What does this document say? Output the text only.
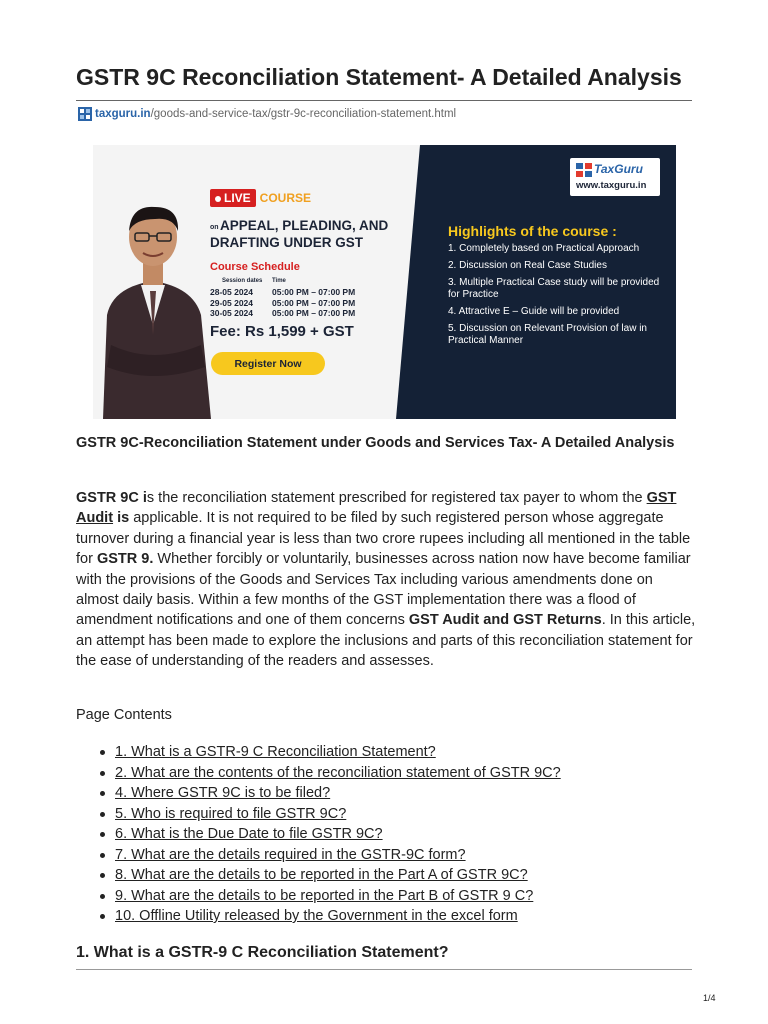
GSTR 9C Reconciliation Statement- A Detailed Analysis
taxguru.in /goods-and-service-tax/gstr-9c-reconciliation-statement.html
LIVE COURSE
on APPEAL, PLEADING, AND
DRAFTING UNDER GST
Course Schedule
Session dates Time
28-05 2024 05:00 PM – 07:00 PM
29-05 2024 05:00 PM – 07:00 PM
30-05 2024 05:00 PM – 07:00 PM
Fee: Rs 1,599 + GST
Register Now
TaxGuru
www.taxguru.in
Highlights of the course :
1. Completely based on Practical Approach
2. Discussion on Real Case Studies
3. Multiple Practical Case study will be provided for Practice
4. Attractive E – Guide will be provided
5. Discussion on Relevant Provision of law in Practical Manner

GSTR 9C-Reconciliation Statement under Goods and Services Tax- A Detailed Analysis

GSTR 9C is the reconciliation statement prescribed for registered tax payer to whom the GST Audit is applicable. It is not required to be filed by such registered person whose aggregate turnover during a financial year is less than two crore rupees including all mentioned in the table for GSTR 9. Whether forcibly or voluntarily, businesses across nation now have become familiar with the provisions of the Goods and Services Tax including various amendments done on almost daily basis. Within a few months of the GST implementation there was a flood of amendment notifications and one of them concerns GST Audit and GST Returns. In this article, an attempt has been made to explore the inclusions and parts of this reconciliation statement for the ease of understanding of the readers and assesses.

Page Contents
1. What is a GSTR-9 C Reconciliation Statement?
2. What are the contents of the reconciliation statement of GSTR 9C?
4. Where GSTR 9C is to be filed?
5. Who is required to file GSTR 9C?
6. What is the Due Date to file GSTR 9C?
7. What are the details required in the GSTR-9C form?
8. What are the details to be reported in the Part A of GSTR 9C?
9. What are the details to be reported in the Part B of GSTR 9 C?
10. Offline Utility released by the Government in the excel form
1. What is a GSTR-9 C Reconciliation Statement?
1/4
